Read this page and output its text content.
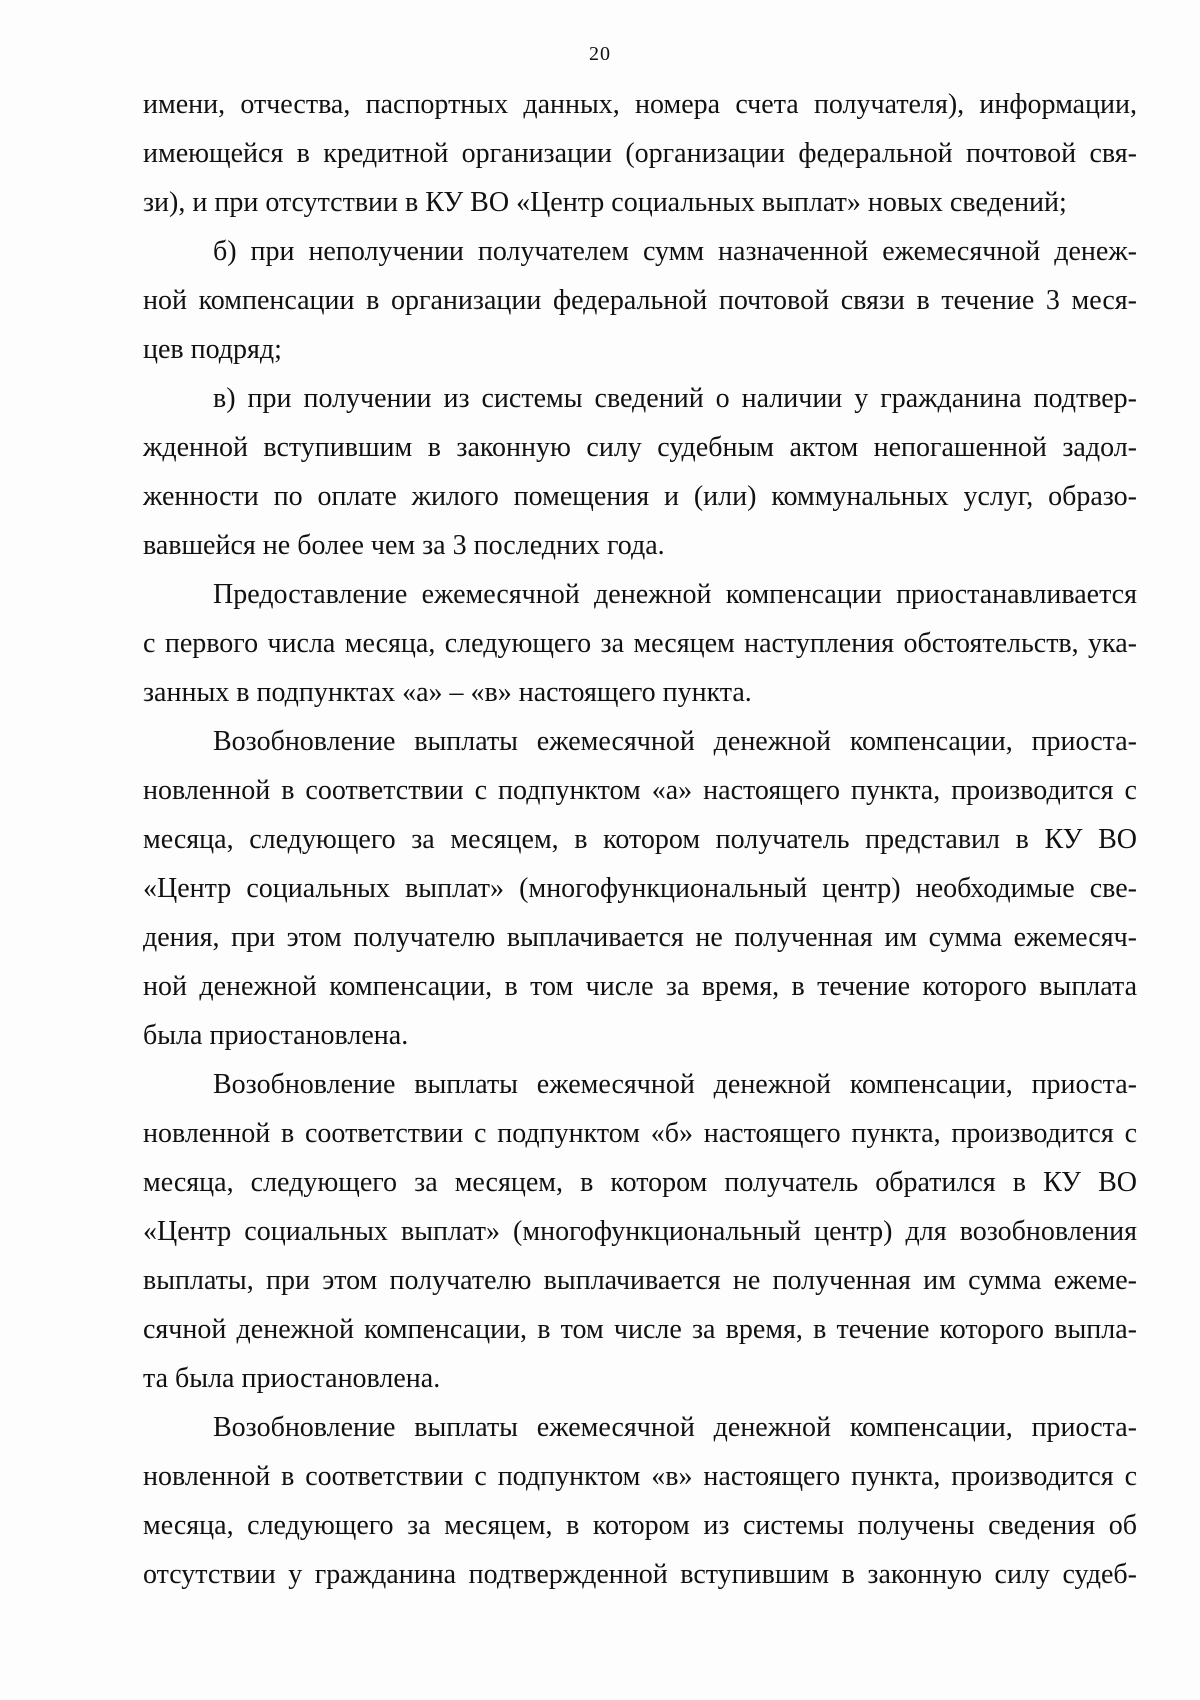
20
имени, отчества, паспортных данных, номера счета получателя), информации,
имеющейся в кредитной организации (организации федеральной почтовой свя-
зи), и при отсутствии в КУ ВО «Центр социальных выплат» новых сведений;
б) при неполучении получателем сумм назначенной ежемесячной денеж-
ной компенсации в организации федеральной почтовой связи в течение 3 меся-
цев подряд;
в) при получении из системы сведений о наличии у гражданина подтвер-
жденной вступившим в законную силу судебным актом непогашенной задол-
женности по оплате жилого помещения и (или) коммунальных услуг, образо-
вавшейся не более чем за 3 последних года.
Предоставление ежемесячной денежной компенсации приостанавливается
с первого числа месяца, следующего за месяцем наступления обстоятельств, ука-
занных в подпунктах «а» – «в» настоящего пункта.
Возобновление выплаты ежемесячной денежной компенсации, приоста-
новленной в соответствии с подпунктом «а» настоящего пункта, производится с
месяца, следующего за месяцем, в котором получатель представил в КУ ВО
«Центр социальных выплат» (многофункциональный центр) необходимые све-
дения, при этом получателю выплачивается не полученная им сумма ежемесяч-
ной денежной компенсации, в том числе за время, в течение которого выплата
была приостановлена.
Возобновление выплаты ежемесячной денежной компенсации, приоста-
новленной в соответствии с подпунктом «б» настоящего пункта, производится с
месяца, следующего за месяцем, в котором получатель обратился в КУ ВО
«Центр социальных выплат» (многофункциональный центр) для возобновления
выплаты, при этом получателю выплачивается не полученная им сумма ежеме-
сячной денежной компенсации, в том числе за время, в течение которого выпла-
та была приостановлена.
Возобновление выплаты ежемесячной денежной компенсации, приоста-
новленной в соответствии с подпунктом «в» настоящего пункта, производится с
месяца, следующего за месяцем, в котором из системы получены сведения об
отсутствии у гражданина подтвержденной вступившим в законную силу судеб-
